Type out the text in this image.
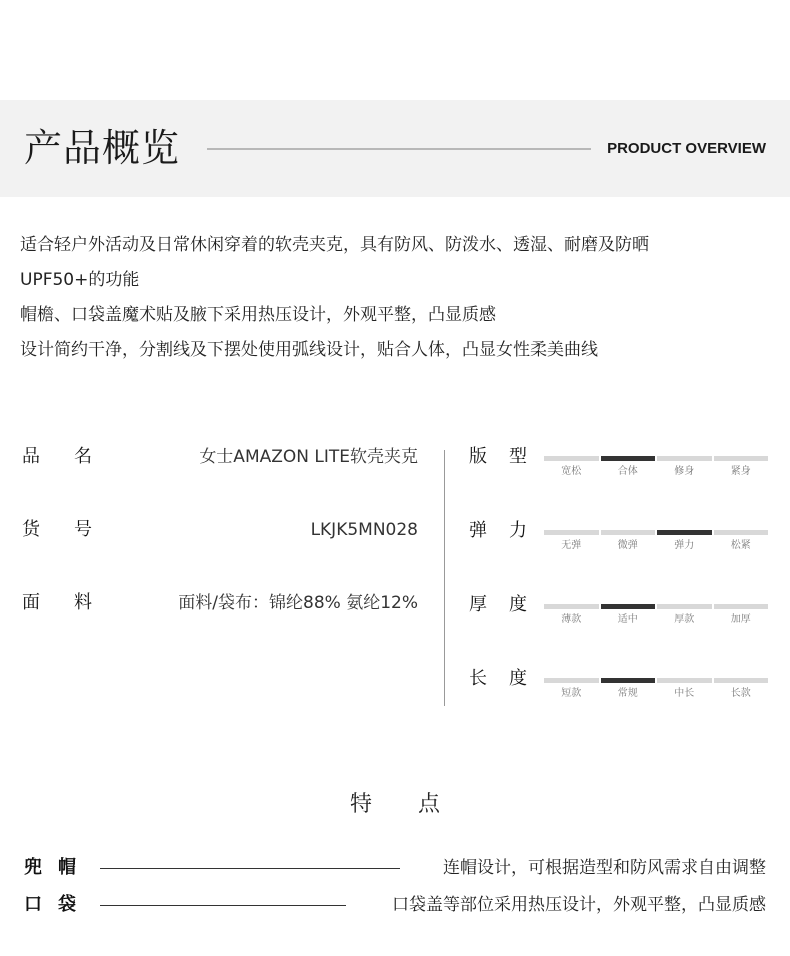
产品概览	PRODUCT OVERVIEW
适合轻户外活动及日常休闲穿着的软壳夹克，具有防风、防泼水、透湿、耐磨及防晒
UPF50+的功能
帽檐、口袋盖魔术贴及腋下采用热压设计，外观平整，凸显质感
设计简约干净，分割线及下摆处使用弧线设计，贴合人体，凸显女性柔美曲线
品 名	女士AMAZON LITE软壳夹克
货 号	LKJK5MN028
面 料	面料/袋布：锦纶88% 氨纶12%
版 型
宽松	合体	修身	紧身
弹 力
无弹	微弹	弹力	松紧
厚 度
薄款	适中	厚款	加厚
长 度
短款	常规	中长	长款
特 点
兜 帽	连帽设计，可根据造型和防风需求自由调整
口 袋	口袋盖等部位采用热压设计，外观平整，凸显质感
